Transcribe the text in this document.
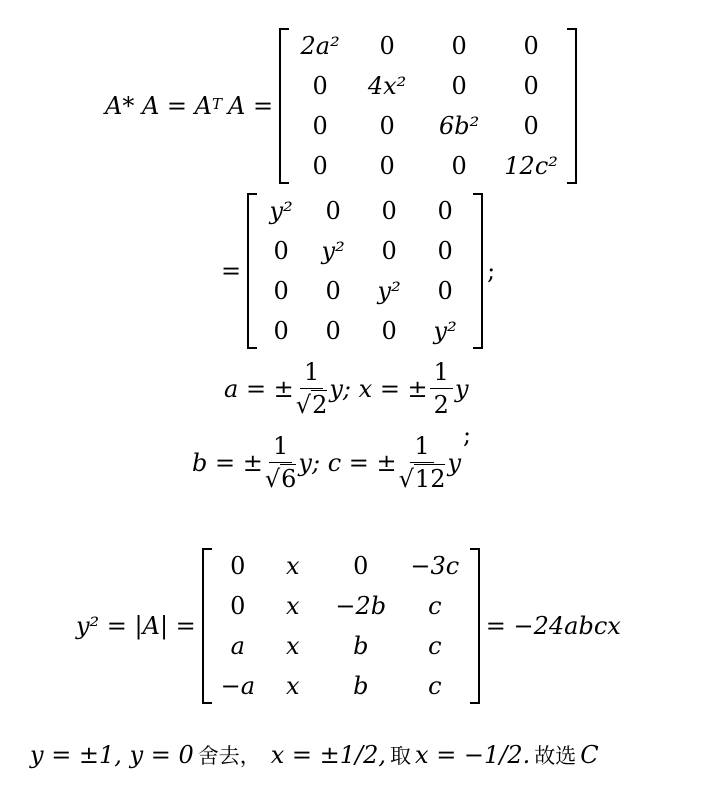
A* $A = A^T$ A =
2a² 0 0 0
0 4x² 0 0
0 0 6b² 0
0 0 0 12c²
=
y² 0 0 0
0 y² 0 0
0 0 y² 0
0 0 0 y²
;
a = ± $\frac{1}{√2} y$; x = ± $\frac{1}{2}$ y
b = ± $\frac{1}{√6} y$; c = ± $\frac{1}{√12}$ y
;
y² = |A| =
0 x 0 −3c
0 x −2b c
a x b c
−a x b c
= −24abcx
y = ±1, y = 0 舍去， x = ±1/2, 取 x = −1/2. 故选 C
